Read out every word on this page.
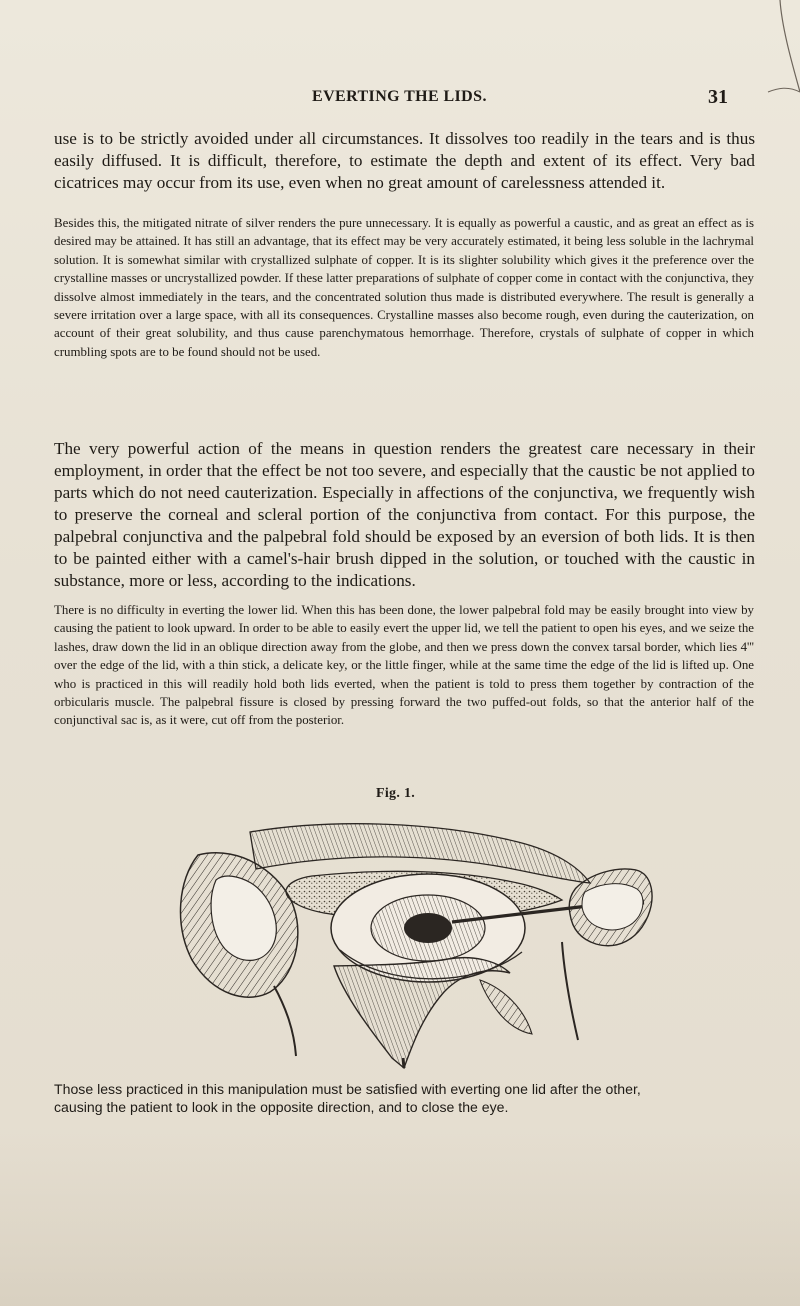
EVERTING THE LIDS.	31

use is to be strictly avoided under all circumstances. It dissolves too readily in the tears and is thus easily diffused. It is difficult, therefore, to estimate the depth and extent of its effect. Very bad cicatrices may occur from its use, even when no great amount of carelessness attended it.

Besides this, the mitigated nitrate of silver renders the pure unnecessary. It is equally as powerful a caustic, and as great an effect as is desired may be attained. It has still an advantage, that its effect may be very accurately estimated, it being less soluble in the lachrymal solution. It is somewhat similar with crystallized sulphate of copper. It is its slighter solubility which gives it the preference over the crystalline masses or uncrystallized powder. If these latter preparations of sulphate of copper come in contact with the conjunctiva, they dissolve almost immediately in the tears, and the concentrated solution thus made is distributed everywhere. The result is generally a severe irritation over a large space, with all its consequences. Crystalline masses also become rough, even during the cauterization, on account of their great solubility, and thus cause parenchymatous hemorrhage. Therefore, crystals of sulphate of copper in which crumbling spots are to be found should not be used.

The very powerful action of the means in question renders the greatest care necessary in their employment, in order that the effect be not too severe, and especially that the caustic be not applied to parts which do not need cauterization. Especially in affections of the conjunctiva, we frequently wish to preserve the corneal and scleral portion of the conjunctiva from contact. For this purpose, the palpebral conjunctiva and the palpebral fold should be exposed by an eversion of both lids. It is then to be painted either with a camel's-hair brush dipped in the solution, or touched with the caustic in substance, more or less, according to the indications.

There is no difficulty in everting the lower lid. When this has been done, the lower palpebral fold may be easily brought into view by causing the patient to look upward. In order to be able to easily evert the upper lid, we tell the patient to open his eyes, and we seize the lashes, draw down the lid in an oblique direction away from the globe, and then we press down the convex tarsal border, which lies 4''' over the edge of the lid, with a thin stick, a delicate key, or the little finger, while at the same time the edge of the lid is lifted up. One who is practiced in this will readily hold both lids everted, when the patient is told to press them together by contraction of the orbicularis muscle. The palpebral fissure is closed by pressing forward the two puffed-out folds, so that the anterior half of the conjunctival sac is, as it were, cut off from the posterior.

Fig. 1.

Those less practiced in this manipulation must be satisfied with everting one lid after the other,
causing the patient to look in the opposite direction, and to close the eye.
